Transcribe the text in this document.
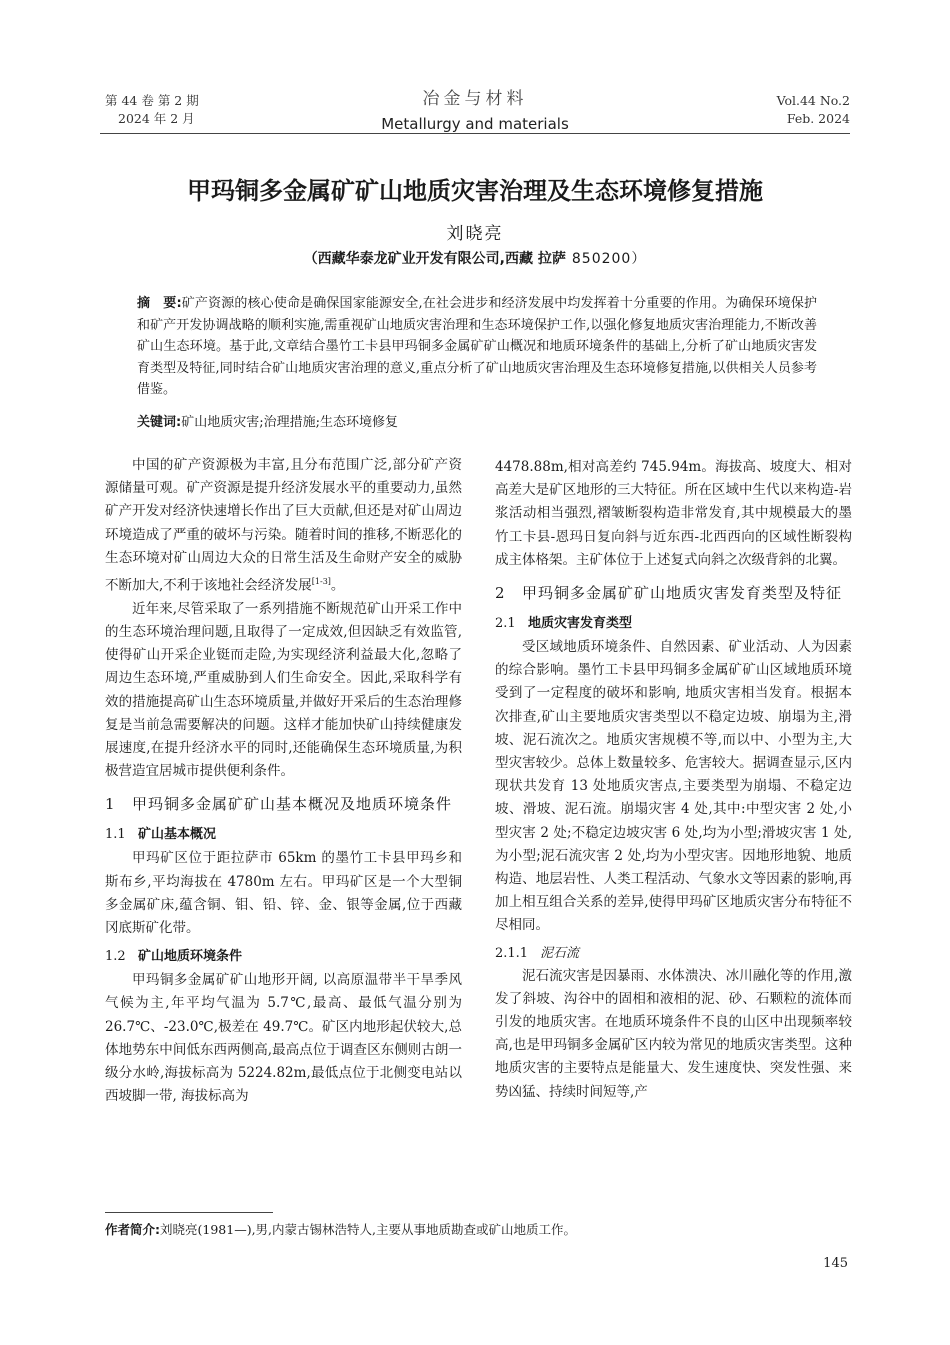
第 44 卷 第 2 期
2024 年 2 月
冶金与材料
Metallurgy and materials
Vol.44 No.2
Feb. 2024
甲玛铜多金属矿矿山地质灾害治理及生态环境修复措施
刘晓亮
（西藏华泰龙矿业开发有限公司,西藏 拉萨 850200）
摘　要:矿产资源的核心使命是确保国家能源安全,在社会进步和经济发展中均发挥着十分重要的作用。为确保环境保护和矿产开发协调战略的顺利实施,需重视矿山地质灾害治理和生态环境保护工作,以强化修复地质灾害治理能力,不断改善矿山生态环境。基于此,文章结合墨竹工卡县甲玛铜多金属矿矿山概况和地质环境条件的基础上,分析了矿山地质灾害发育类型及特征,同时结合矿山地质灾害治理的意义,重点分析了矿山地质灾害治理及生态环境修复措施,以供相关人员参考借鉴。
关键词:矿山地质灾害;治理措施;生态环境修复

中国的矿产资源极为丰富,且分布范围广泛,部分矿产资源储量可观。矿产资源是提升经济发展水平的重要动力,虽然矿产开发对经济快速增长作出了巨大贡献,但还是对矿山周边环境造成了严重的破坏与污染。随着时间的推移,不断恶化的生态环境对矿山周边大众的日常生活及生命财产安全的威胁不断加大,不利于该地社会经济发展[1-3]。

近年来,尽管采取了一系列措施不断规范矿山开采工作中的生态环境治理问题,且取得了一定成效,但因缺乏有效监管,使得矿山开采企业铤而走险,为实现经济利益最大化,忽略了周边生态环境,严重威胁到人们生命安全。因此,采取科学有效的措施提高矿山生态环境质量,并做好开采后的生态治理修复是当前急需要解决的问题。这样才能加快矿山持续健康发展速度,在提升经济水平的同时,还能确保生态环境质量,为积极营造宜居城市提供便利条件。

1	甲玛铜多金属矿矿山基本概况及地质环境条件
1.1 矿山基本概况

甲玛矿区位于距拉萨市 65km 的墨竹工卡县甲玛乡和斯布乡,平均海拔在 4780m 左右。甲玛矿区是一个大型铜多金属矿床,蕴含铜、钼、铅、锌、金、银等金属,位于西藏冈底斯矿化带。

1.2 矿山地质环境条件

甲玛铜多金属矿矿山地形开阔, 以高原温带半干旱季风气候为主,年平均气温为 5.7℃,最高、最低气温分别为 26.7℃、-23.0℃,极差在 49.7℃。矿区内地形起伏较大,总体地势东中间低东西两侧高,最高点位于调查区东侧则古朗一级分水岭,海拔标高为 5224.82m,最低点位于北侧变电站以西坡脚一带, 海拔标高为

4478.88m,相对高差约 745.94m。海拔高、坡度大、相对高差大是矿区地形的三大特征。所在区域中生代以来构造-岩浆活动相当强烈,褶皱断裂构造非常发育,其中规模最大的墨竹工卡县-恩玛日复向斜与近东西-北西西向的区域性断裂构成主体格架。主矿体位于上述复式向斜之次级背斜的北翼。

2	甲玛铜多金属矿矿山地质灾害发育类型及特征
2.1 地质灾害发育类型

受区域地质环境条件、自然因素、矿业活动、人为因素的综合影响。墨竹工卡县甲玛铜多金属矿矿山区域地质环境受到了一定程度的破坏和影响, 地质灾害相当发育。根据本次排查,矿山主要地质灾害类型以不稳定边坡、崩塌为主,滑坡、泥石流次之。地质灾害规模不等,而以中、小型为主,大型灾害较少。总体上数量较多、危害较大。据调查显示,区内现状共发育 13 处地质灾害点,主要类型为崩塌、不稳定边坡、滑坡、泥石流。崩塌灾害 4 处,其中:中型灾害 2 处,小型灾害 2 处;不稳定边坡灾害 6 处,均为小型;滑坡灾害 1 处,为小型;泥石流灾害 2 处,均为小型灾害。因地形地貌、地质构造、地层岩性、人类工程活动、气象水文等因素的影响,再加上相互组合关系的差异,使得甲玛矿区地质灾害分布特征不尽相同。

2.1.1 泥石流

泥石流灾害是因暴雨、水体溃决、冰川融化等的作用,激发了斜坡、沟谷中的固相和液相的泥、砂、石颗粒的流体而引发的地质灾害。在地质环境条件不良的山区中出现频率较高,也是甲玛铜多金属矿区内较为常见的地质灾害类型。这种地质灾害的主要特点是能量大、发生速度快、突发性强、来势凶猛、持续时间短等,产

作者简介:刘晓亮(1981—),男,内蒙古锡林浩特人,主要从事地质勘查或矿山地质工作。
145
